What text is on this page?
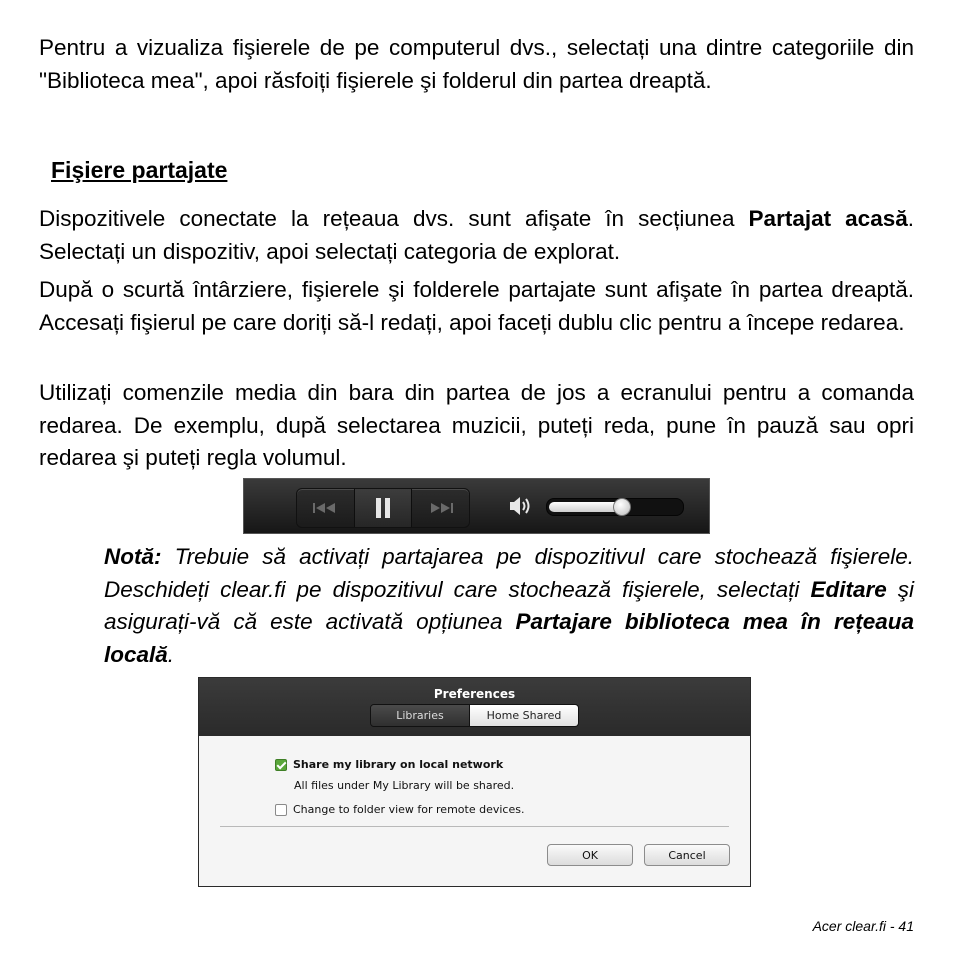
Pentru a vizualiza fişierele de pe computerul dvs., selectați una dintre categoriile din "Biblioteca mea", apoi răsfoiți fişierele şi folderul din partea dreaptă.

Fişiere partajate

Dispozitivele conectate la rețeaua dvs. sunt afişate în secțiunea Partajat acasă. Selectați un dispozitiv, apoi selectați categoria de explorat.

După o scurtă întârziere, fişierele şi folderele partajate sunt afişate în partea dreaptă. Accesați fişierul pe care doriți să-l redați, apoi faceți dublu clic pentru a începe redarea.

Utilizați comenzile media din bara din partea de jos a ecranului pentru a comanda redarea. De exemplu, după selectarea muzicii, puteți reda, pune în pauză sau opri redarea şi puteți regla volumul.

Notă: Trebuie să activați partajarea pe dispozitivul care stochează fişierele. Deschideți clear.fi pe dispozitivul care stochează fişierele, selectați Editare şi asigurați-vă că este activată opțiunea Partajare biblioteca mea în rețeaua locală.

Preferences
Libraries	Home Shared
Share my library on local network
All files under My Library will be shared.
Change to folder view for remote devices.
OK	Cancel
Acer clear.fi - 41
